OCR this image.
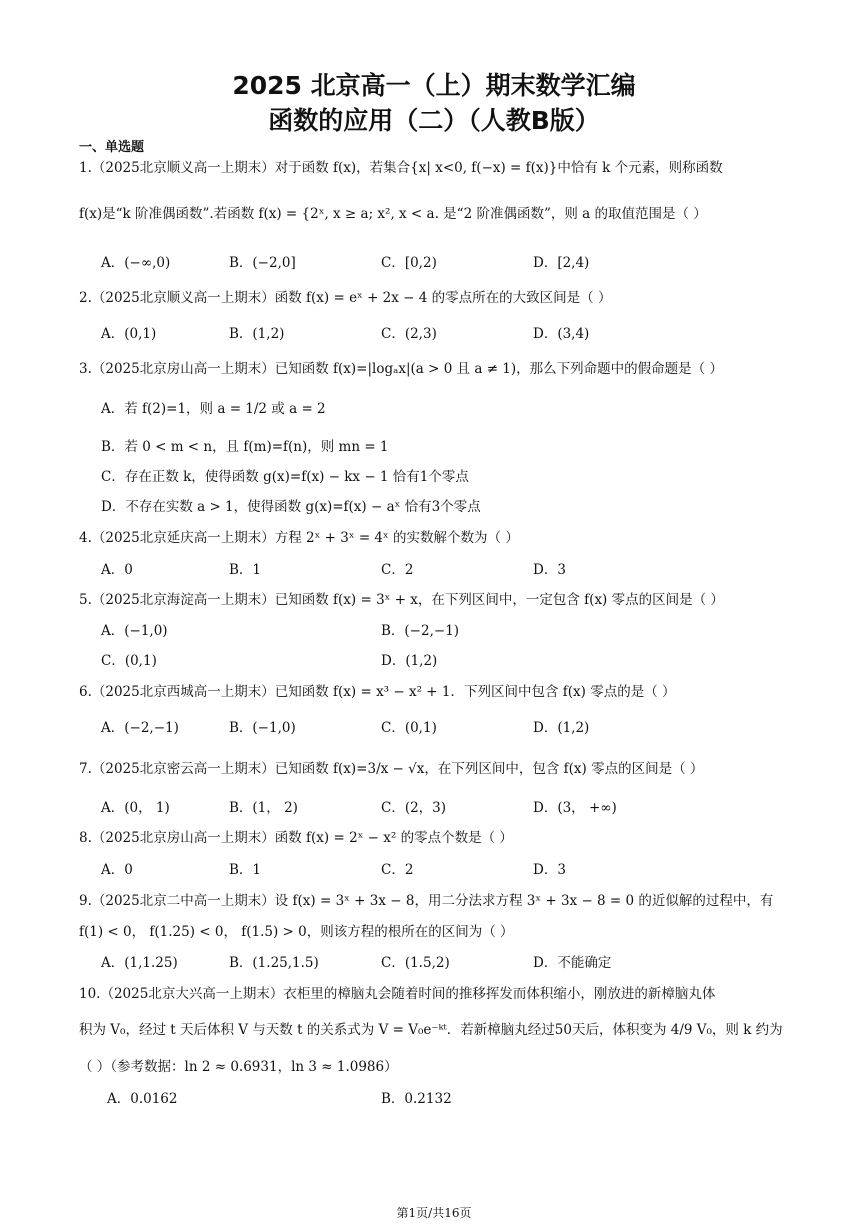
2025 北京高一（上）期末数学汇编
函数的应用（二）（人教B版）
一、单选题
1.（2025北京顺义高一上期末）对于函数 f(x)，若集合{x| x<0, f(−x) = f(x)}中恰有 k 个元素，则称函数
f(x)是“k 阶准偶函数”.若函数 f(x) = {2ˣ, x ≥ a; x², x < a. 是“2 阶准偶函数”，则 a 的取值范围是（ ）
A．(−∞,0)	B．(−2,0]	C．[0,2)	D．[2,4)
2.（2025北京顺义高一上期末）函数 f(x) = eˣ + 2x − 4 的零点所在的大致区间是（ ）
A．(0,1)	B．(1,2)	C．(2,3)	D．(3,4)
3.（2025北京房山高一上期末）已知函数 f(x)=|logₐx|(a > 0 且 a ≠ 1)，那么下列命题中的假命题是（ ）
A．若 f(2)=1，则 a = 1/2 或 a = 2
B．若 0 < m < n，且 f(m)=f(n)，则 mn = 1
C．存在正数 k，使得函数 g(x)=f(x) − kx − 1 恰有1个零点
D．不存在实数 a > 1，使得函数 g(x)=f(x) − aˣ 恰有3个零点
4.（2025北京延庆高一上期末）方程 2ˣ + 3ˣ = 4ˣ 的实数解个数为（ ）
A．0	B．1	C．2	D．3
5.（2025北京海淀高一上期末）已知函数 f(x) = 3ˣ + x，在下列区间中，一定包含 f(x) 零点的区间是（ ）
A．(−1,0)	B．(−2,−1)
C．(0,1)	D．(1,2)
6.（2025北京西城高一上期末）已知函数 f(x) = x³ − x² + 1．下列区间中包含 f(x) 零点的是（ ）
A．(−2,−1)	B．(−1,0)	C．(0,1)	D．(1,2)
7.（2025北京密云高一上期末）已知函数 f(x)=3/x − √x，在下列区间中，包含 f(x) 零点的区间是（ ）
A．(0， 1)	B．(1， 2)	C．(2，3)	D．(3， +∞)
8.（2025北京房山高一上期末）函数 f(x) = 2ˣ − x² 的零点个数是（ ）
A．0	B．1	C．2	D．3
9.（2025北京二中高一上期末）设 f(x) = 3ˣ + 3x − 8，用二分法求方程 3ˣ + 3x − 8 = 0 的近似解的过程中，有
f(1) < 0， f(1.25) < 0， f(1.5) > 0，则该方程的根所在的区间为（ ）
A．(1,1.25)	B．(1.25,1.5)	C．(1.5,2)	D．不能确定
10.（2025北京大兴高一上期末）衣柜里的樟脑丸会随着时间的推移挥发而体积缩小，刚放进的新樟脑丸体
积为 V₀，经过 t 天后体积 V 与天数 t 的关系式为 V = V₀e⁻ᵏᵗ．若新樟脑丸经过50天后，体积变为 4/9 V₀，则 k 约为
（ ）（参考数据：ln 2 ≈ 0.6931，ln 3 ≈ 1.0986）
A．0.0162	B．0.2132
第1页/共16页
